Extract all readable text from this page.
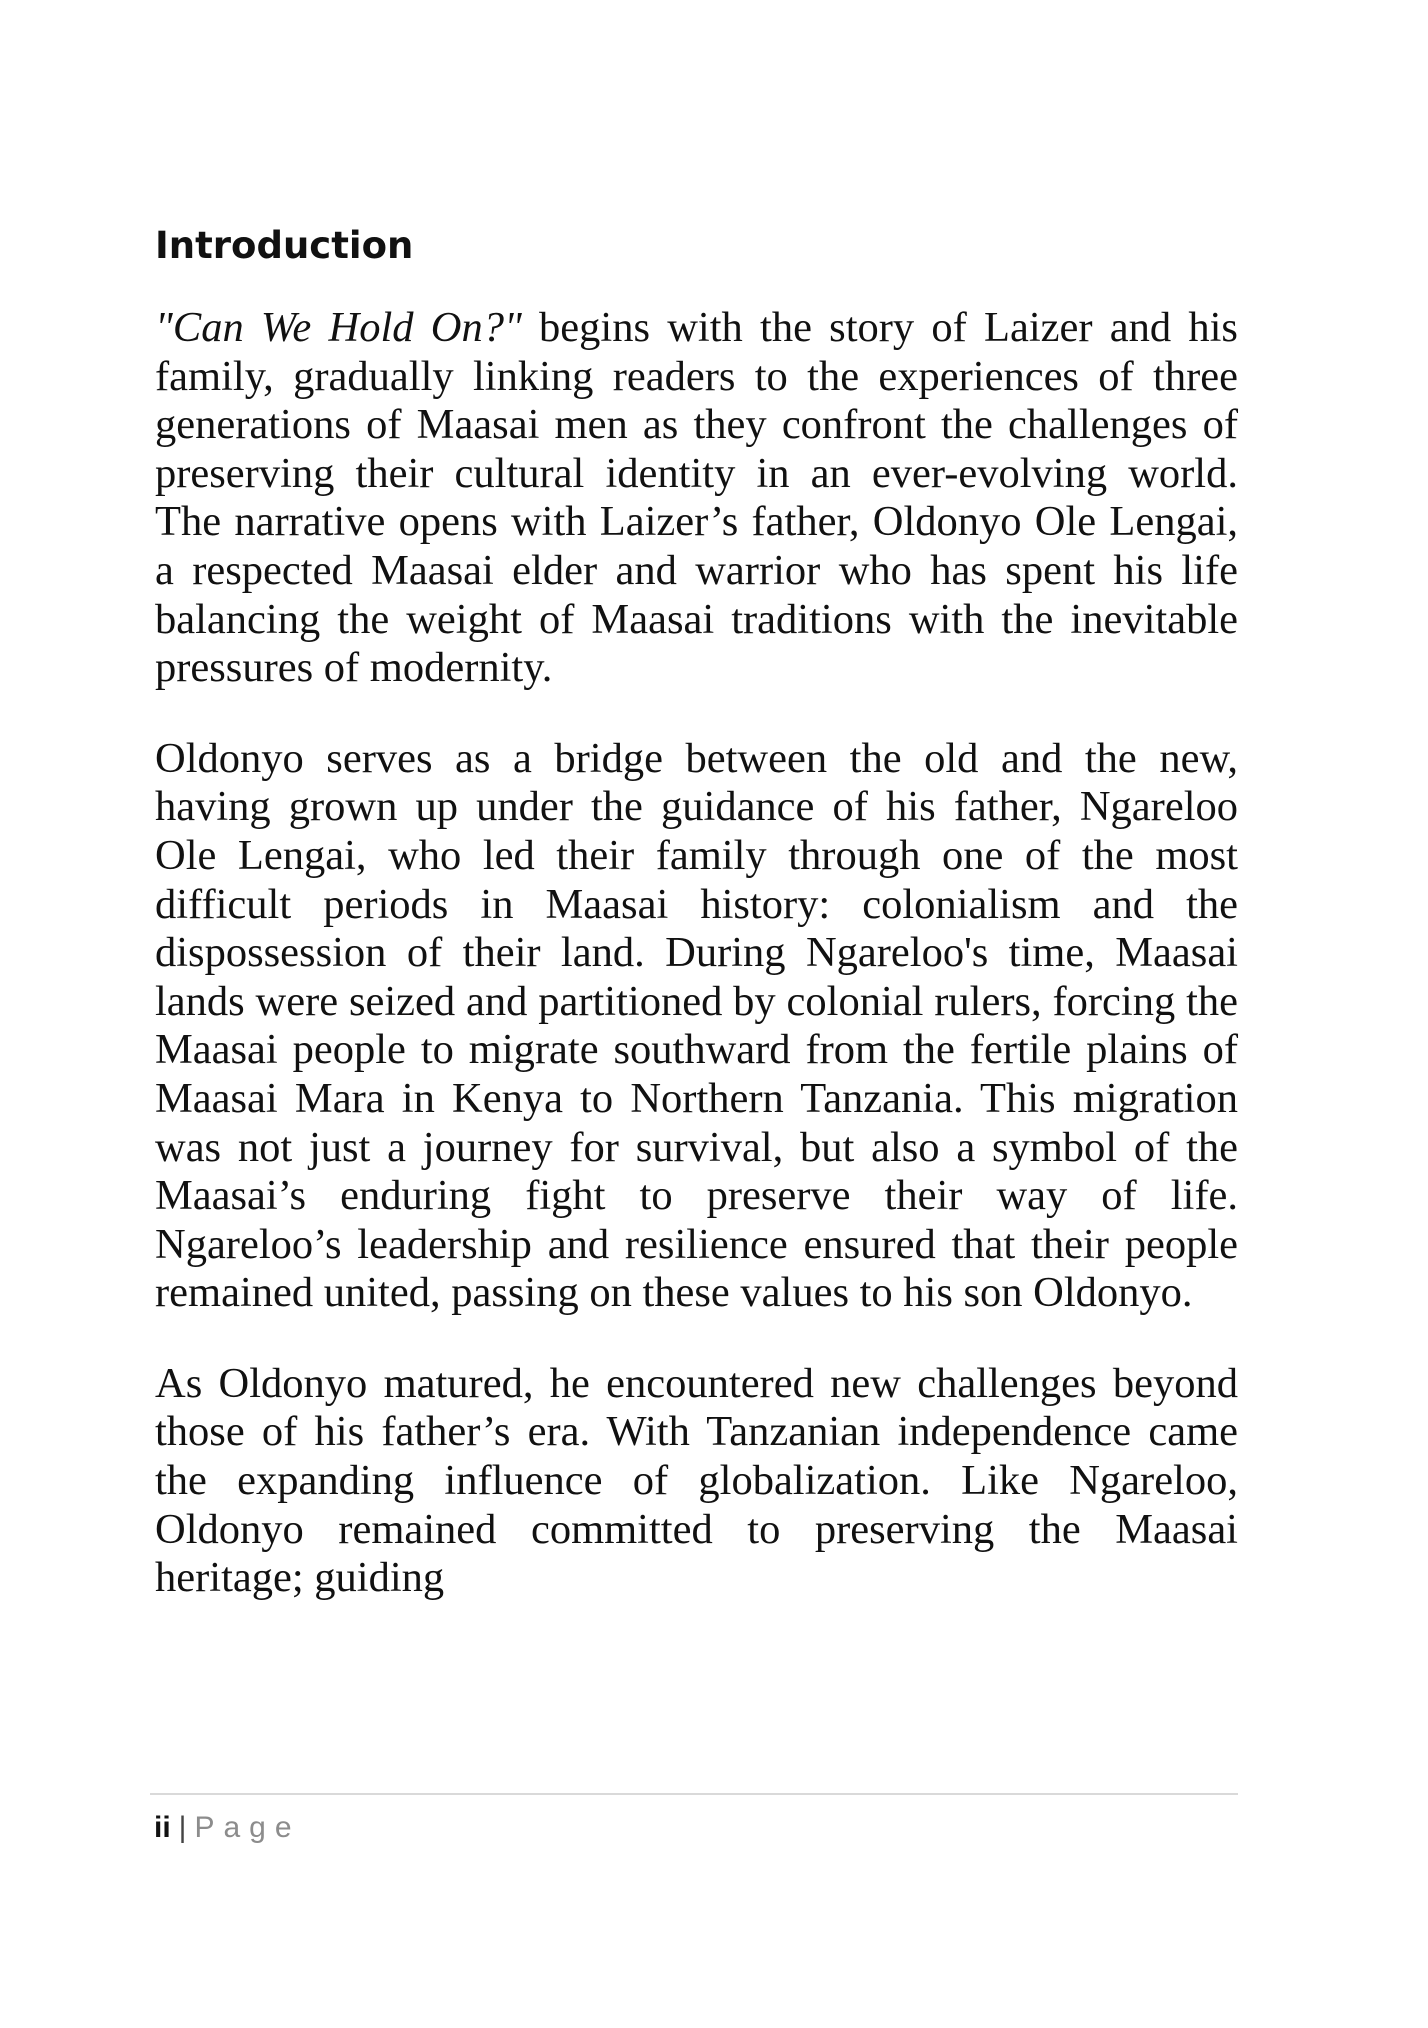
Introduction

"Can We Hold On?" begins with the story of Laizer and his family, gradually linking readers to the experiences of three generations of Maasai men as they confront the challenges of preserving their cultural identity in an ever-evolving world. The narrative opens with Laizer’s father, Oldonyo Ole Lengai, a respected Maasai elder and warrior who has spent his life balancing the weight of Maasai traditions with the inevitable pressures of modernity.

Oldonyo serves as a bridge between the old and the new, having grown up under the guidance of his father, Ngareloo Ole Lengai, who led their family through one of the most difficult periods in Maasai history: colonialism and the dispossession of their land. During Ngareloo's time, Maasai lands were seized and partitioned by colonial rulers, forcing the Maasai people to migrate southward from the fertile plains of Maasai Mara in Kenya to Northern Tanzania. This migration was not just a journey for survival, but also a symbol of the Maasai’s enduring fight to preserve their way of life. Ngareloo’s leadership and resilience ensured that their people remained united, passing on these values to his son Oldonyo.

As Oldonyo matured, he encountered new challenges beyond those of his father’s era. With Tanzanian independence came the expanding influence of globalization. Like Ngareloo, Oldonyo remained committed to preserving the Maasai heritage; guiding

ii | Page
